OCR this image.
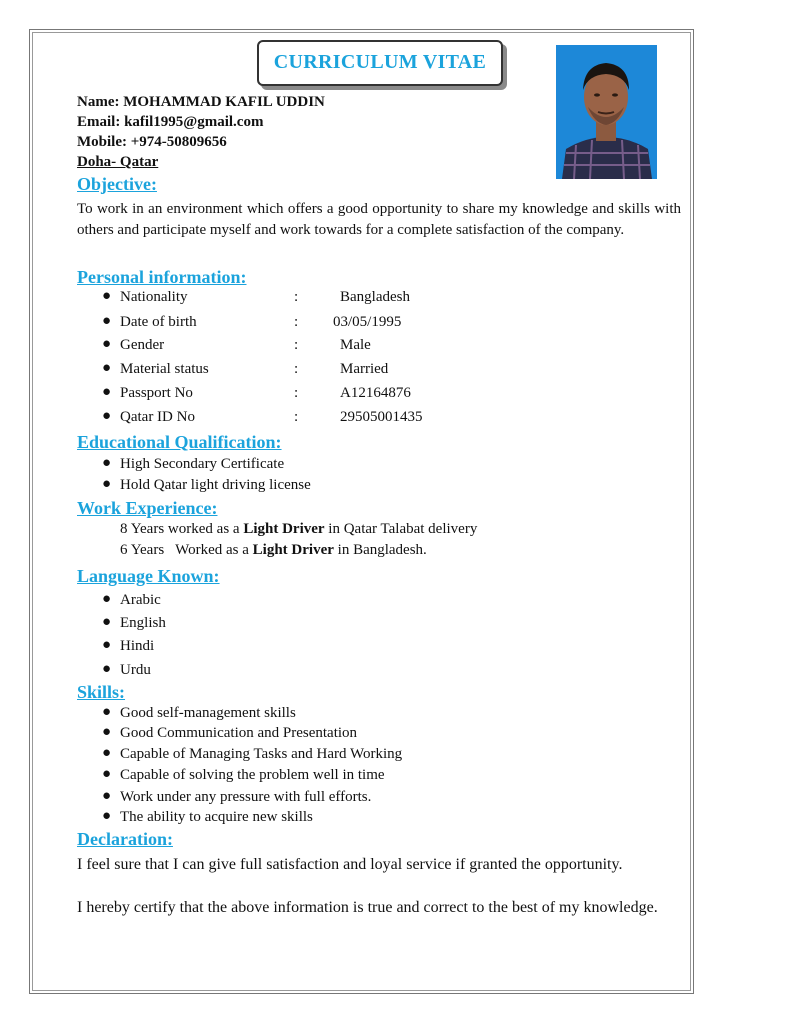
CURRICULUM VITAE
Name: MOHAMMAD KAFIL UDDIN
Email: kafil1995@gmail.com
Mobile: +974-50809656
Doha- Qatar
Objective:
To work in an environment which offers a good opportunity to share my knowledge and skills with others and participate myself and work towards for a complete satisfaction of the company.
Personal information:
● Nationality	:	Bangladesh
● Date of birth	: 03/05/1995
● Gender	:	Male
● Material status	:	Married
● Passport No	:	A12164876
● Qatar ID No	:	29505001435
Educational Qualification:
● High Secondary Certificate
● Hold Qatar light driving license
Work Experience:
8 Years worked as a Light Driver in Qatar Talabat delivery
6 Years   Worked as a Light Driver in Bangladesh.
Language Known:
● Arabic
● English
● Hindi
● Urdu
Skills:
● Good self-management skills
● Good Communication and Presentation
● Capable of Managing Tasks and Hard Working
● Capable of solving the problem well in time
● Work under any pressure with full efforts.
● The ability to acquire new skills
Declaration:
I feel sure that I can give full satisfaction and loyal service if granted the opportunity.
I hereby certify that the above information is true and correct to the best of my knowledge.
